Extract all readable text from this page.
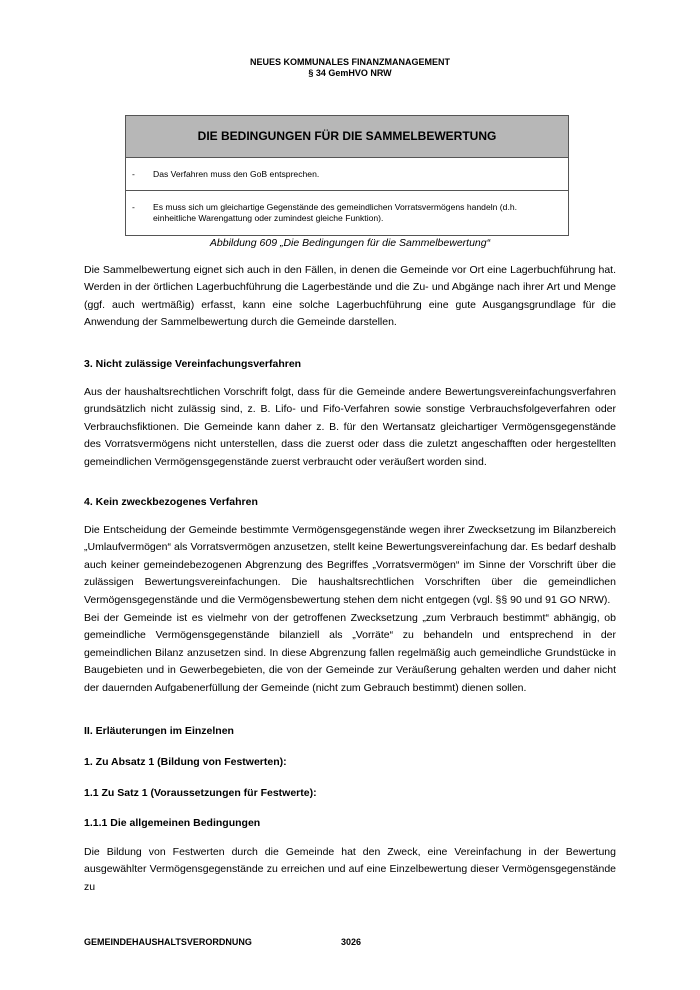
NEUES KOMMUNALES FINANZMANAGEMENT
§ 34 GemHVO NRW
DIE BEDINGUNGEN FÜR DIE SAMMELBEWERTUNG
-	Das Verfahren muss den GoB entsprechen.
-	Es muss sich um gleichartige Gegenstände des gemeindlichen Vorratsvermögens handeln (d.h. einheitliche Warengattung oder zumindest gleiche Funktion).
Abbildung 609 „Die Bedingungen für die Sammelbewertung“

Die Sammelbewertung eignet sich auch in den Fällen, in denen die Gemeinde vor Ort eine Lagerbuchführung hat. Werden in der örtlichen Lagerbuchführung die Lagerbestände und die Zu- und Abgänge nach ihrer Art und Menge (ggf. auch wertmäßig) erfasst, kann eine solche Lagerbuchführung eine gute Ausgangsgrundlage für die Anwendung der Sammelbewertung durch die Gemeinde darstellen.

3. Nicht zulässige Vereinfachungsverfahren

Aus der haushaltsrechtlichen Vorschrift folgt, dass für die Gemeinde andere Bewertungsvereinfachungsverfahren grundsätzlich nicht zulässig sind, z. B. Lifo- und Fifo-Verfahren sowie sonstige Verbrauchsfolgeverfahren oder Verbrauchsfiktionen. Die Gemeinde kann daher z. B. für den Wertansatz gleichartiger Vermögensgegenstände des Vorratsvermögens nicht unterstellen, dass die zuerst oder dass die zuletzt angeschafften oder hergestellten gemeindlichen Vermögensgegenstände zuerst verbraucht oder veräußert worden sind.

4. Kein zweckbezogenes Verfahren

Die Entscheidung der Gemeinde bestimmte Vermögensgegenstände wegen ihrer Zwecksetzung im Bilanzbereich „Umlaufvermögen“ als Vorratsvermögen anzusetzen, stellt keine Bewertungsvereinfachung dar. Es bedarf deshalb auch keiner gemeindebezogenen Abgrenzung des Begriffes „Vorratsvermögen“ im Sinne der Vorschrift über die zulässigen Bewertungsvereinfachungen. Die haushaltsrechtlichen Vorschriften über die gemeindlichen Vermögensgegenstände und die Vermögensbewertung stehen dem nicht entgegen (vgl. §§ 90 und 91 GO NRW).

Bei der Gemeinde ist es vielmehr von der getroffenen Zwecksetzung „zum Verbrauch bestimmt“ abhängig, ob gemeindliche Vermögensgegenstände bilanziell als „Vorräte“ zu behandeln und entsprechend in der gemeindlichen Bilanz anzusetzen sind. In diese Abgrenzung fallen regelmäßig auch gemeindliche Grundstücke in Baugebieten und in Gewerbegebieten, die von der Gemeinde zur Veräußerung gehalten werden und daher nicht der dauernden Aufgabenerfüllung der Gemeinde (nicht zum Gebrauch bestimmt) dienen sollen.

II. Erläuterungen im Einzelnen

1. Zu Absatz 1 (Bildung von Festwerten):

1.1 Zu Satz 1 (Voraussetzungen für Festwerte):

1.1.1 Die allgemeinen Bedingungen

Die Bildung von Festwerten durch die Gemeinde hat den Zweck, eine Vereinfachung in der Bewertung ausgewählter Vermögensgegenstände zu erreichen und auf eine Einzelbewertung dieser Vermögensgegenstände zu

GEMEINDEHAUSHALTSVERORDNUNG	3026
